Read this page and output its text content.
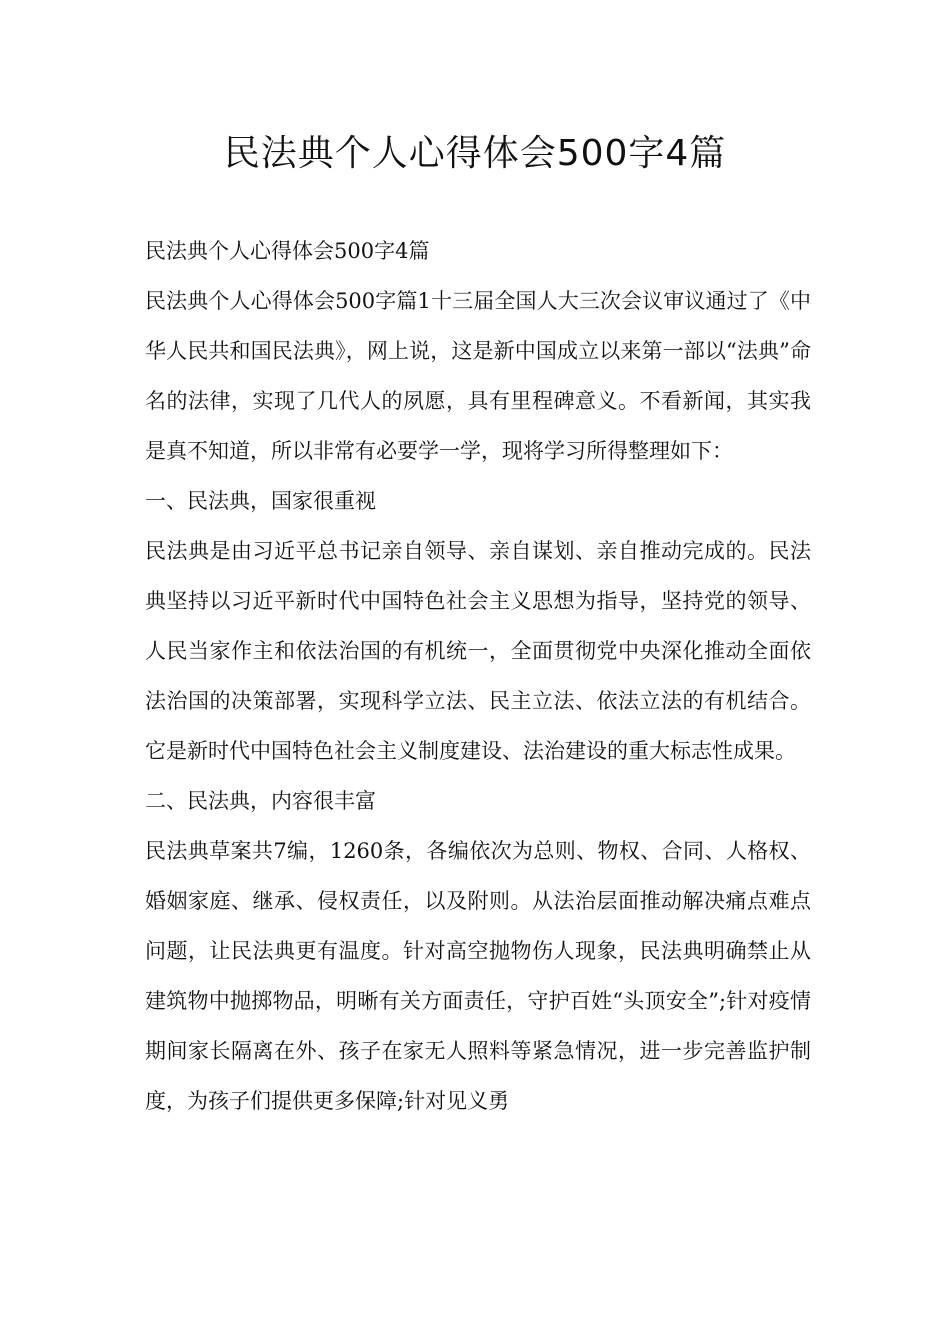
民法典个人心得体会500字4篇

民法典个人心得体会500字4篇

民法典个人心得体会500字篇1十三届全国人大三次会议审议通过了《中华人民共和国民法典》，网上说，这是新中国成立以来第一部以“法典”命名的法律，实现了几代人的夙愿，具有里程碑意义。不看新闻，其实我是真不知道，所以非常有必要学一学，现将学习所得整理如下：

一、民法典，国家很重视

民法典是由习近平总书记亲自领导、亲自谋划、亲自推动完成的。民法典坚持以习近平新时代中国特色社会主义思想为指导，坚持党的领导、人民当家作主和依法治国的有机统一，全面贯彻党中央深化推动全面依法治国的决策部署，实现科学立法、民主立法、依法立法的有机结合。它是新时代中国特色社会主义制度建设、法治建设的重大标志性成果。

二、民法典，内容很丰富

民法典草案共7编，1260条，各编依次为总则、物权、合同、人格权、婚姻家庭、继承、侵权责任，以及附则。从法治层面推动解决痛点难点问题，让民法典更有温度。针对高空抛物伤人现象，民法典明确禁止从建筑物中抛掷物品，明晰有关方面责任，守护百姓“头顶安全”;针对疫情期间家长隔离在外、孩子在家无人照料等紧急情况，进一步完善监护制度，为孩子们提供更多保障;针对见义勇
